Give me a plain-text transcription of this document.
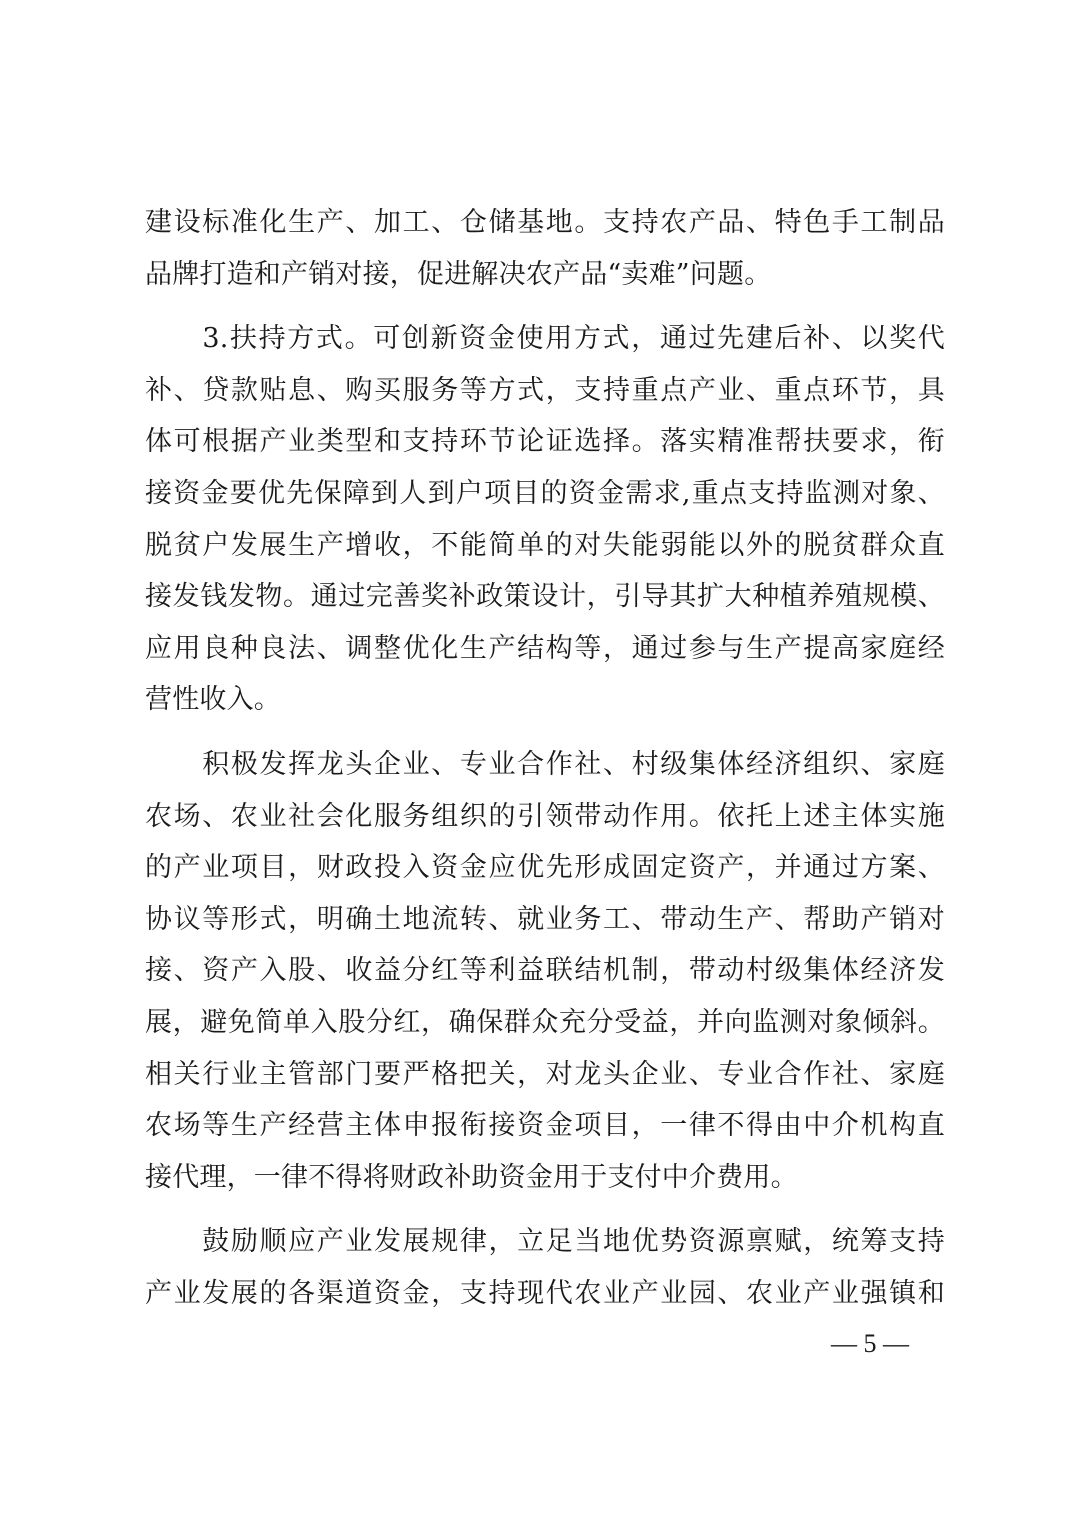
建设标准化生产、加工、仓储基地。支持农产品、特色手工制品
品牌打造和产销对接，促进解决农产品“卖难”问题。
　　3.扶持方式。可创新资金使用方式，通过先建后补、以奖代
补、贷款贴息、购买服务等方式，支持重点产业、重点环节，具
体可根据产业类型和支持环节论证选择。落实精准帮扶要求，衔
接资金要优先保障到人到户项目的资金需求,重点支持监测对象、
脱贫户发展生产增收，不能简单的对失能弱能以外的脱贫群众直
接发钱发物。通过完善奖补政策设计，引导其扩大种植养殖规模、
应用良种良法、调整优化生产结构等，通过参与生产提高家庭经
营性收入。
　　积极发挥龙头企业、专业合作社、村级集体经济组织、家庭
农场、农业社会化服务组织的引领带动作用。依托上述主体实施
的产业项目，财政投入资金应优先形成固定资产，并通过方案、
协议等形式，明确土地流转、就业务工、带动生产、帮助产销对
接、资产入股、收益分红等利益联结机制，带动村级集体经济发
展，避免简单入股分红，确保群众充分受益，并向监测对象倾斜。
相关行业主管部门要严格把关，对龙头企业、专业合作社、家庭
农场等生产经营主体申报衔接资金项目，一律不得由中介机构直
接代理，一律不得将财政补助资金用于支付中介费用。
　　鼓励顺应产业发展规律，立足当地优势资源禀赋，统筹支持
产业发展的各渠道资金，支持现代农业产业园、农业产业强镇和
— 5 —
